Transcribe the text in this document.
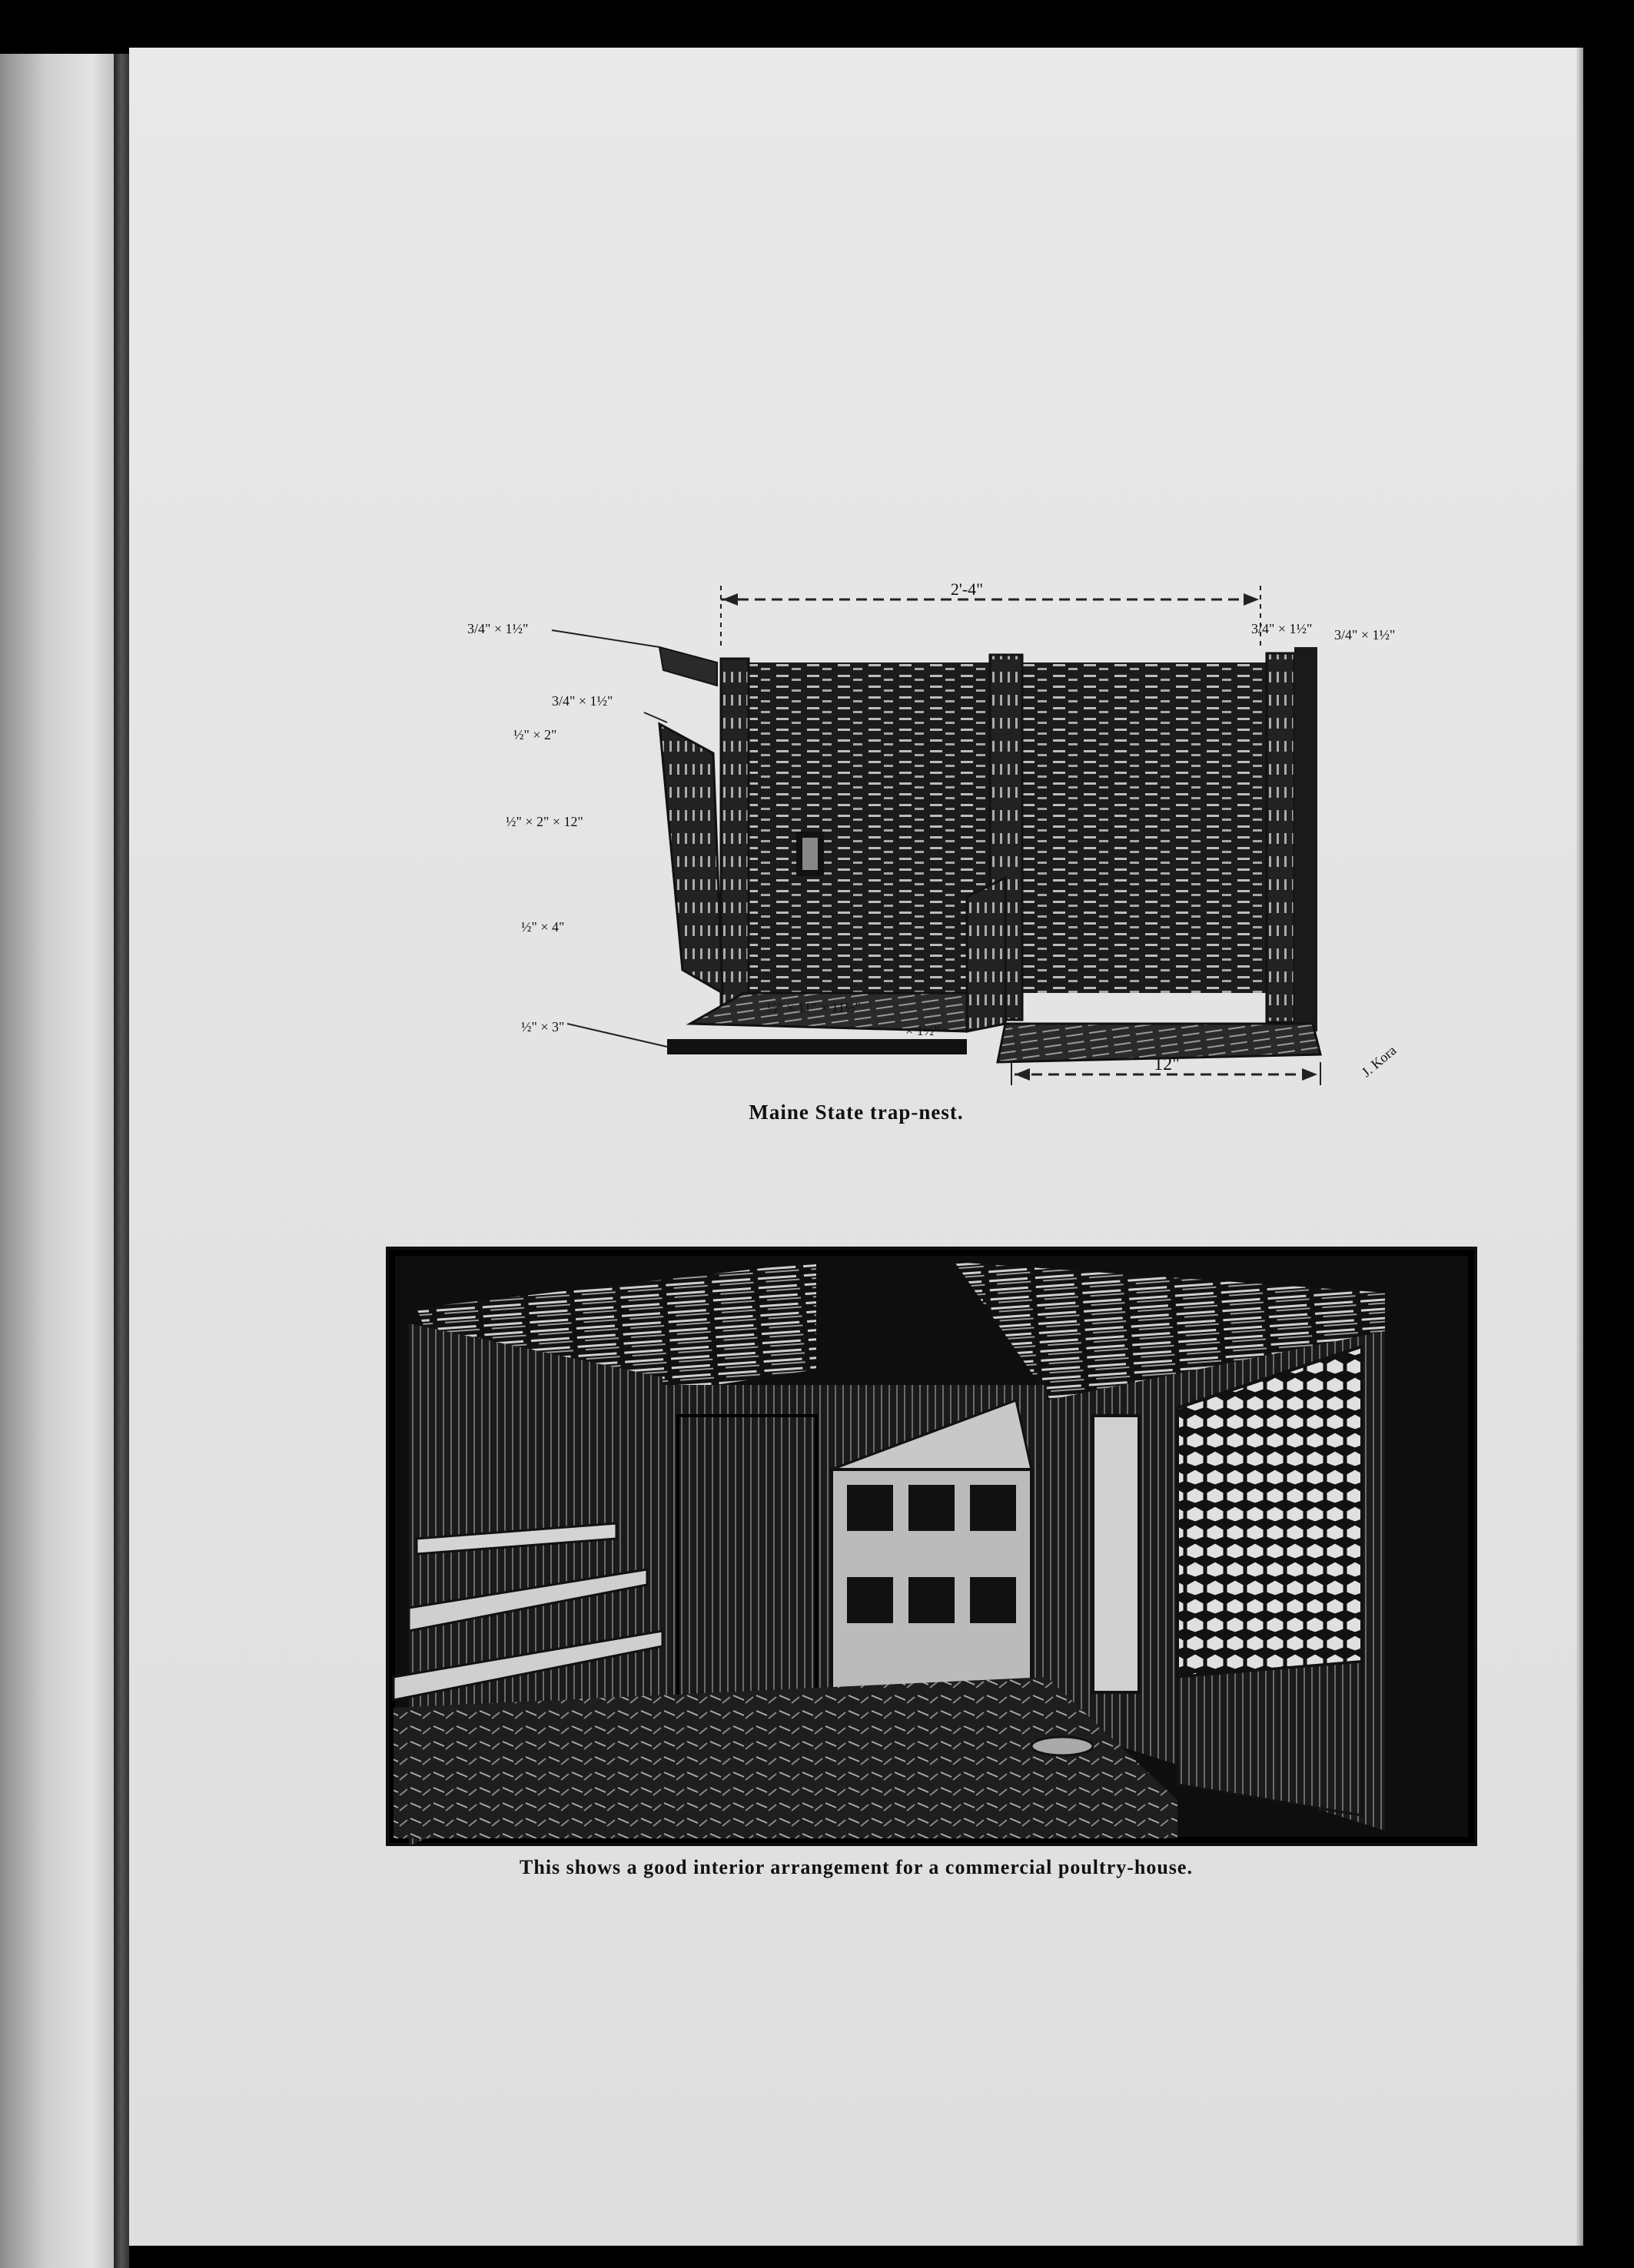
2'-4"
3/4" × 1½"
3/4" × 1½"
½" × 2"
½" × 2" × 12"
½" × 4"
½" × 3"
½" × 11" × 11½"
× 1½"
3/4" × 1½" 3/4" × 1½"
12"	J. Kora
Maine State trap-nest.
This shows a good interior arrangement for a commercial poultry-house.
